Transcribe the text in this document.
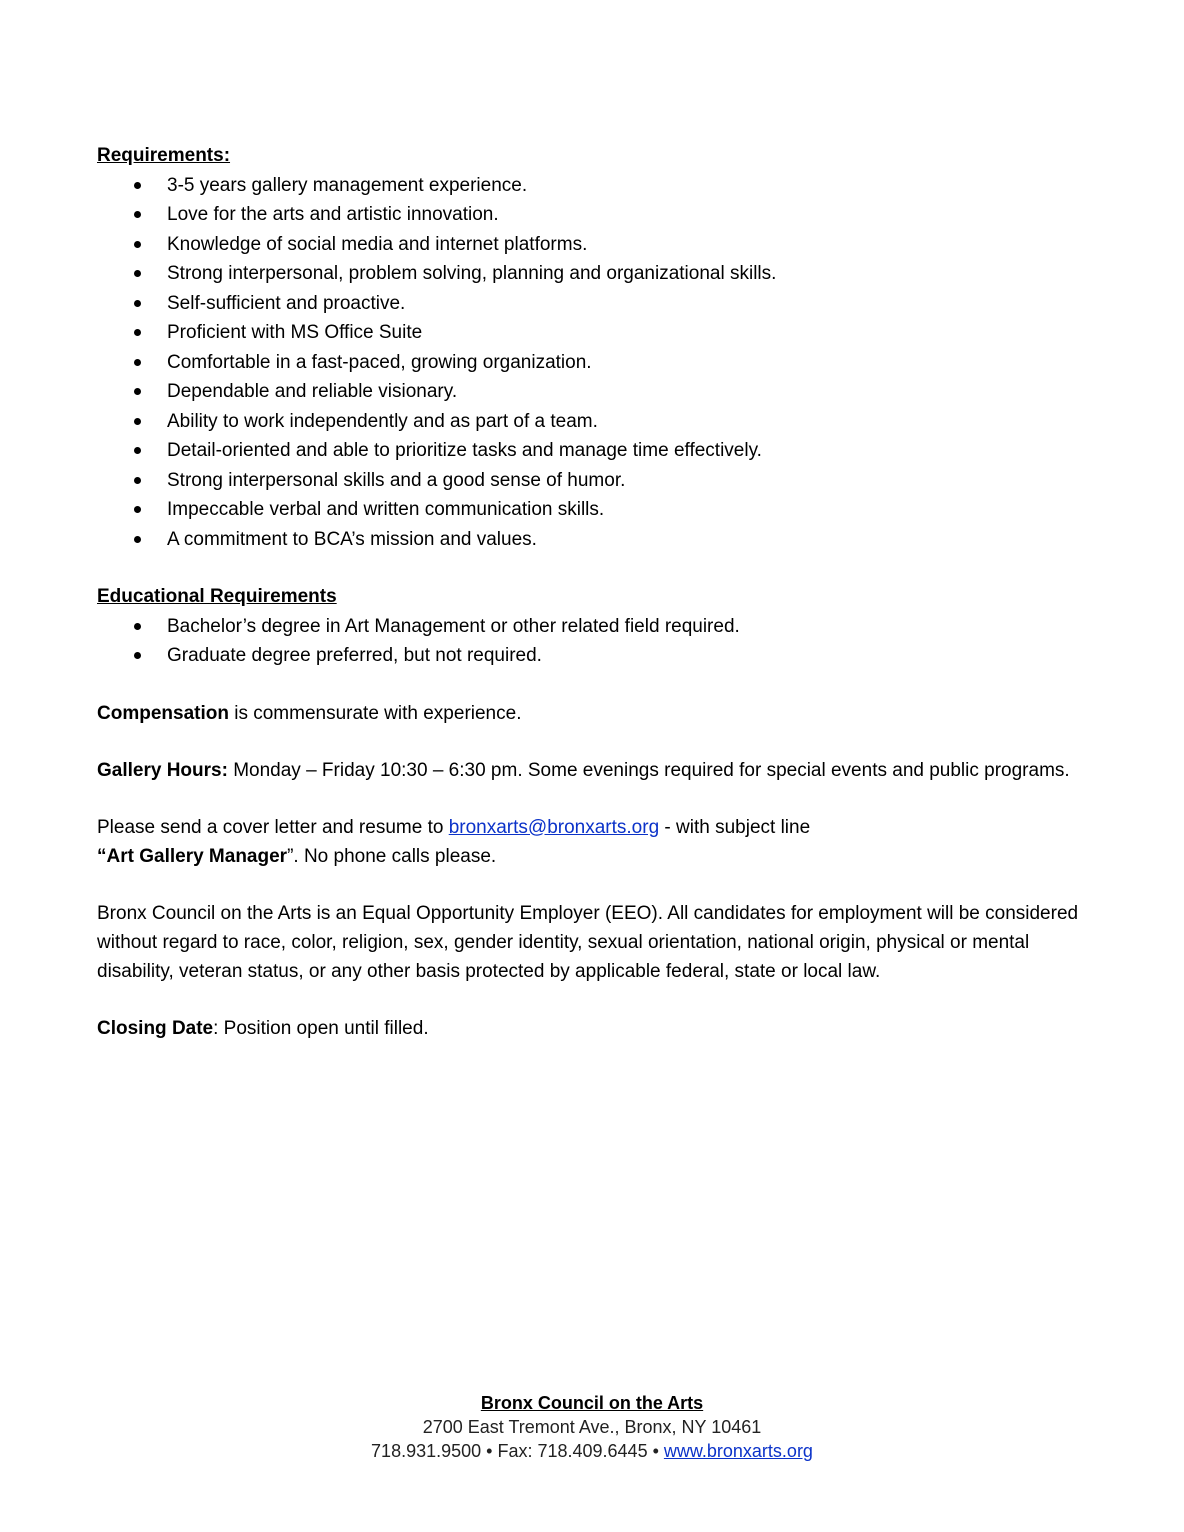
Requirements:
3-5 years gallery management experience.
Love for the arts and artistic innovation.
Knowledge of social media and internet platforms.
Strong interpersonal, problem solving, planning and organizational skills.
Self-sufficient and proactive.
Proficient with MS Office Suite
Comfortable in a fast-paced, growing organization.
Dependable and reliable visionary.
Ability to work independently and as part of a team.
Detail-oriented and able to prioritize tasks and manage time effectively.
Strong interpersonal skills and a good sense of humor.
Impeccable verbal and written communication skills.
A commitment to BCA’s mission and values.
Educational Requirements
Bachelor’s degree in Art Management or other related field required.
Graduate degree preferred, but not required.

Compensation is commensurate with experience.

Gallery Hours: Monday – Friday 10:30 – 6:30 pm. Some evenings required for special events and public programs.

Please send a cover letter and resume to bronxarts@bronxarts.org - with subject line
“Art Gallery Manager”. No phone calls please.

Bronx Council on the Arts is an Equal Opportunity Employer (EEO). All candidates for employment will be considered without regard to race, color, religion, sex, gender identity, sexual orientation, national origin, physical or mental disability, veteran status, or any other basis protected by applicable federal, state or local law.

Closing Date: Position open until filled.

Bronx Council on the Arts
2700 East Tremont Ave., Bronx, NY 10461
718.931.9500 • Fax: 718.409.6445 • www.bronxarts.org
